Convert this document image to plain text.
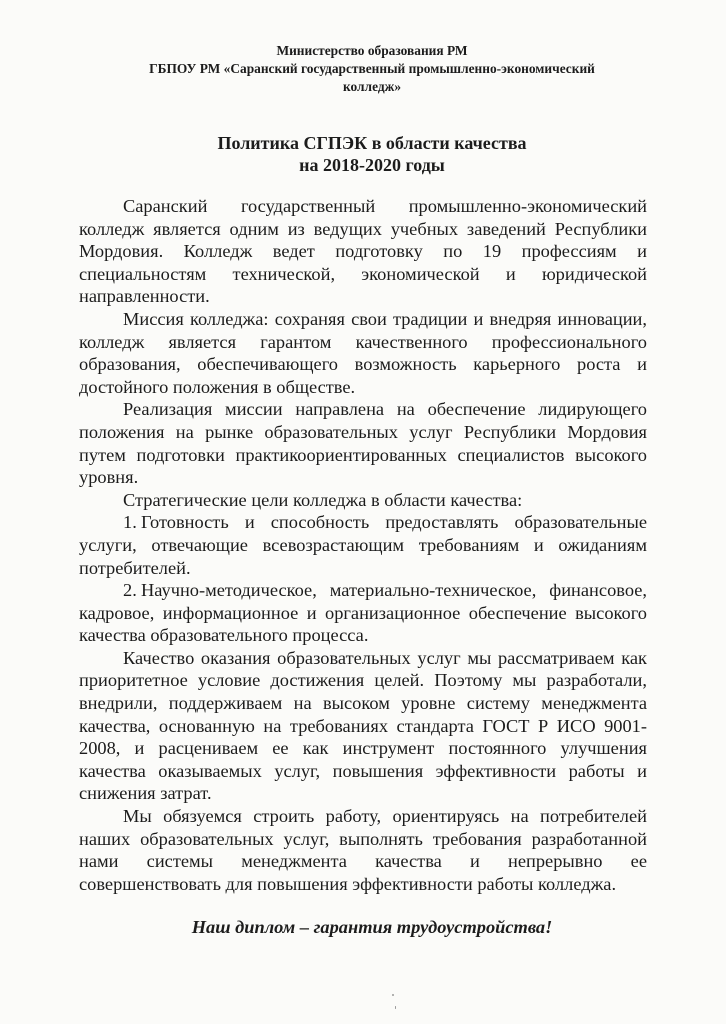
Министерство образования РМ
ГБПОУ РМ «Саранский государственный промышленно-экономический
колледж»
Политика СГПЭК в области качества
на 2018-2020 годы

Саранский государственный промышленно-экономический колледж является одним из ведущих учебных заведений Республики Мордовия. Колледж ведет подготовку по 19 профессиям и специальностям технической, экономической и юридической направленности.

Миссия колледжа: сохраняя свои традиции и внедряя инновации, колледж является гарантом качественного профессионального образования, обеспечивающего возможность карьерного роста и достойного положения в обществе.

Реализация миссии направлена на обеспечение лидирующего положения на рынке образовательных услуг Республики Мордовия путем подготовки практикоориентированных специалистов высокого уровня.

Стратегические цели колледжа в области качества:

1. Готовность и способность предоставлять образовательные услуги, отвечающие всевозрастающим требованиям и ожиданиям потребителей.

2. Научно-методическое, материально-техническое, финансовое, кадровое, информационное и организационное обеспечение высокого качества образовательного процесса.

Качество оказания образовательных услуг мы рассматриваем как приоритетное условие достижения целей. Поэтому мы разработали, внедрили, поддерживаем на высоком уровне систему менеджмента качества, основанную на требованиях стандарта ГОСТ Р ИСО 9001-2008, и расцениваем ее как инструмент постоянного улучшения качества оказываемых услуг, повышения эффективности работы и снижения затрат.

Мы обязуемся строить работу, ориентируясь на потребителей наших образовательных услуг, выполнять требования разработанной нами системы менеджмента качества и непрерывно ее совершенствовать для повышения эффективности работы колледжа.

Наш диплом – гарантия трудоустройства!
